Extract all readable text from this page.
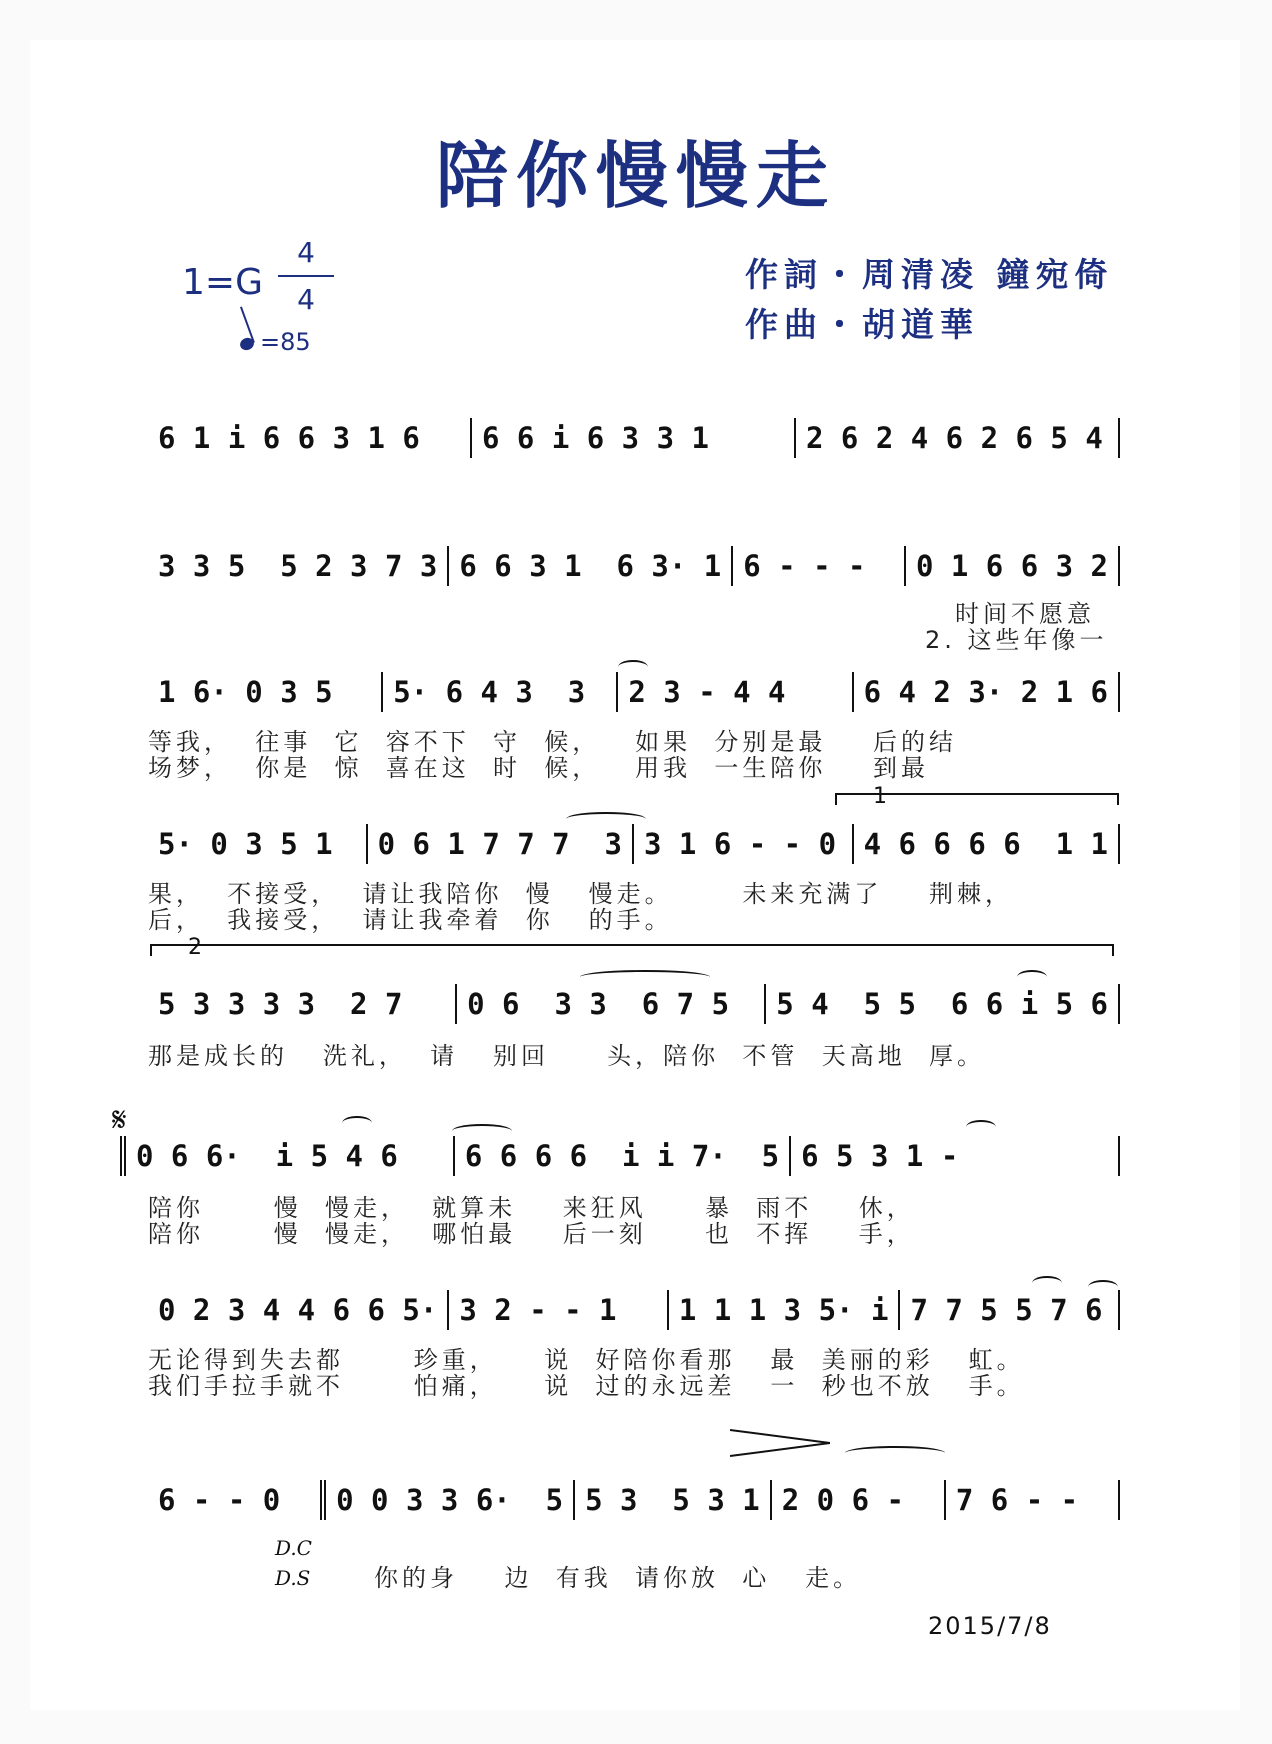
陪你慢慢走
1=G
4
4
=85
作詞・周清凌 鐘宛倚
作曲・胡道華
6 1 i 6 6 3 1 6	6 6 i 6 3 3 1	2 6 2 4 6 2 6 5 4
3 3 5  5 2 3 7 3 6 6 3 1  6 3· 1 6 - - -	0 1 6 6 3 2
时间不愿意
2. 这些年像一
1 6· 0 3 5	5· 6 4 3  3	2 3 - 4 4	6 4 2 3· 2 1 6
等我，  往事  它  容不下  守  候，   如果  分别是最    后的结
场梦，  你是  惊  喜在这  时  候，   用我  一生陪你    到最
1
5· 0 3 5 1	0 6 1 7 7 7  3 3 1 6 - - 0 4 6 6 6 6  1 1
果，  不接受，  请让我陪你  慢   慢走。      未来充满了    荆棘，
后，  我接受，  请让我牵着  你   的手。
2
5 3 3 3 3  2 7	0 6  3 3  6 7 5	5 4  5 5  6 6 i 5 6
那是成长的   洗礼，  请   别回     头，陪你  不管  天高地  厚。
𝄋
0 6 6·  i 5 4 6	6 6 6 6  i i 7·  5 6 5 3 1 -
陪你      慢  慢走，  就算未    来狂风     暴  雨不    休，
陪你      慢  慢走，  哪怕最    后一刻     也  不挥    手，
0 2 3 4 4 6 6 5· 3 2 - - 1	1 1 1 3 5· i 7 7 5 5 7 6
无论得到失去都      珍重，    说  好陪你看那   最  美丽的彩   虹。
我们手拉手就不      怕痛，    说  过的永远差   一  秒也不放   手。
6 - - 0	0 0 3 3 6·  5 5 3  5 3 1 2 0 6 -	7 6 - -
D.C
D.S	你的身    边  有我  请你放  心   走。
2015/7/8
